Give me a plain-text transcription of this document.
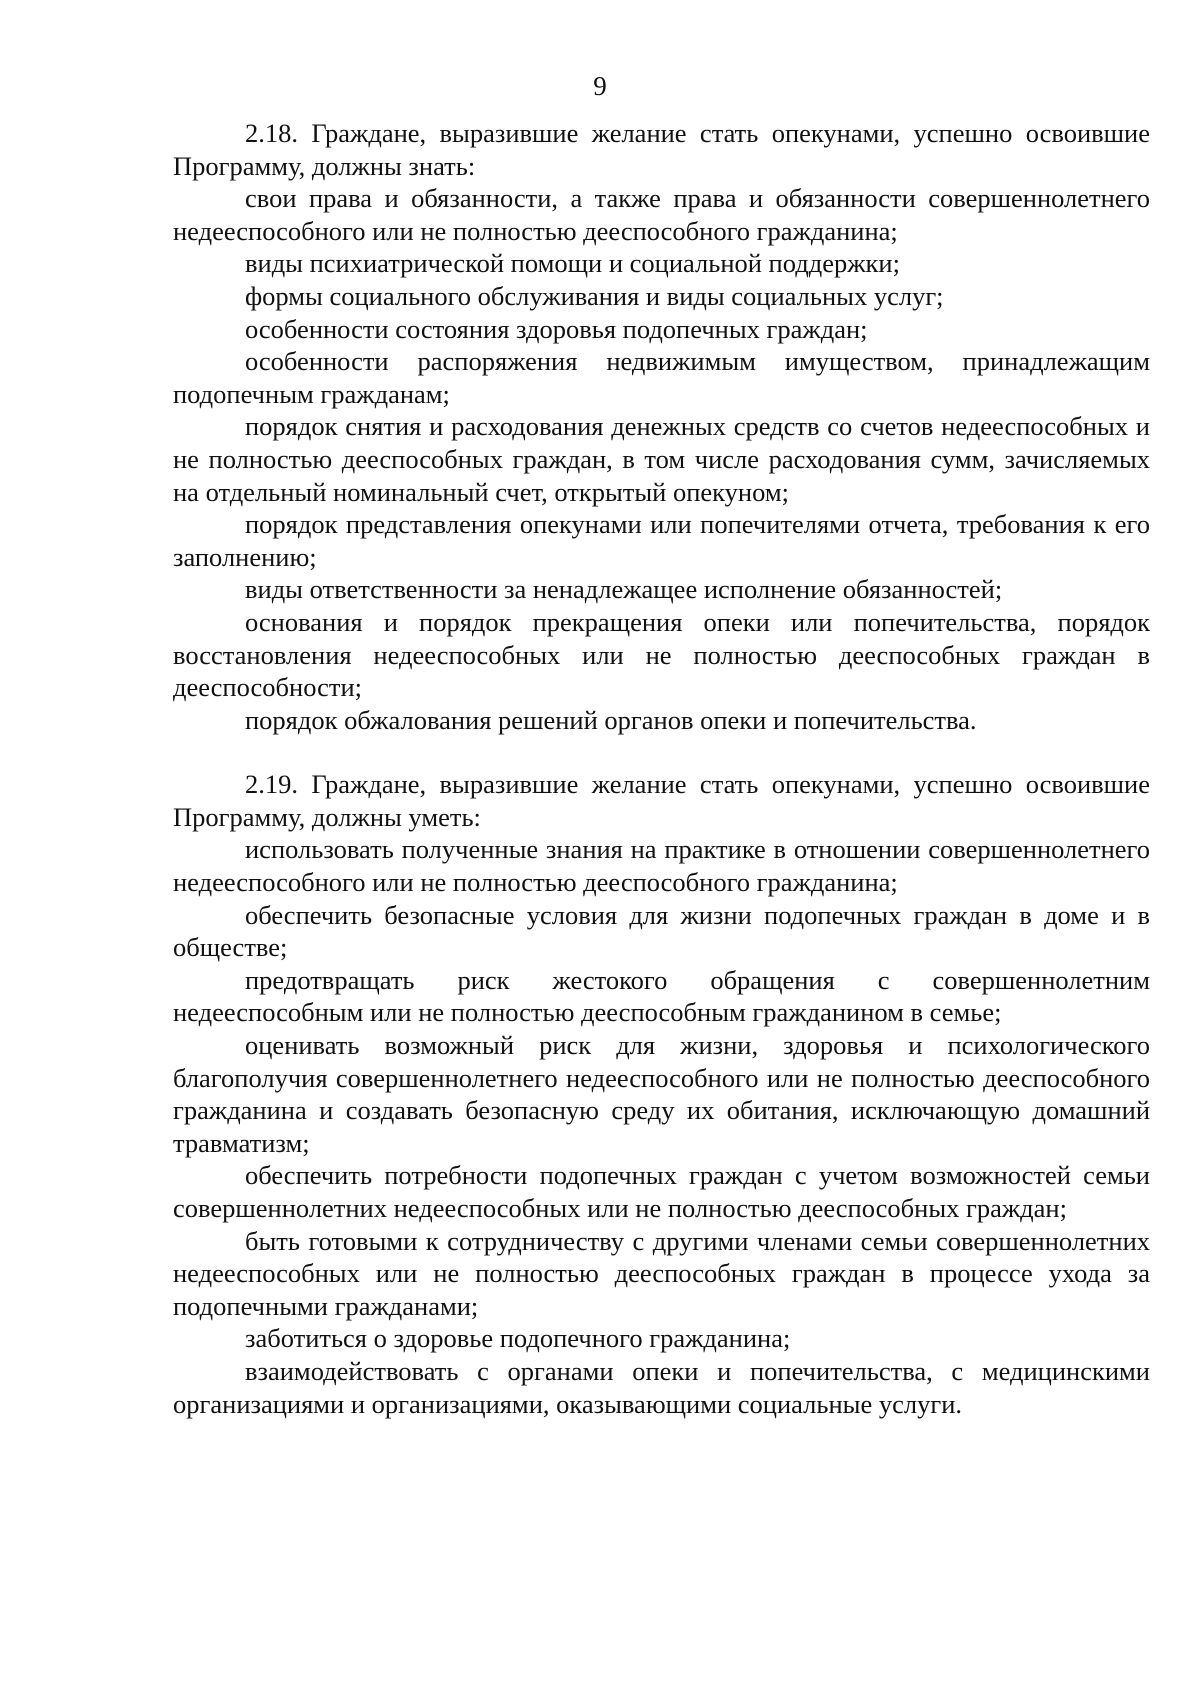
9

2.18. Граждане, выразившие желание стать опекунами, успешно освоившие Программу, должны знать:

свои права и обязанности, а также права и обязанности совершеннолетнего недееспособного или не полностью дееспособного гражданина;

виды психиатрической помощи и социальной поддержки;

формы социального обслуживания и виды социальных услуг;

особенности состояния здоровья подопечных граждан;

особенности распоряжения недвижимым имуществом, принадлежащим подопечным гражданам;

порядок снятия и расходования денежных средств со счетов недееспособных и не полностью дееспособных граждан, в том числе расходования сумм, зачисляемых на отдельный номинальный счет, открытый опекуном;

порядок представления опекунами или попечителями отчета, требования к его заполнению;

виды ответственности за ненадлежащее исполнение обязанностей;

основания и порядок прекращения опеки или попечительства, порядок восстановления недееспособных или не полностью дееспособных граждан в дееспособности;

порядок обжалования решений органов опеки и попечительства.

2.19. Граждане, выразившие желание стать опекунами, успешно освоившие Программу, должны уметь:

использовать полученные знания на практике в отношении совершеннолетнего недееспособного или не полностью дееспособного гражданина;

обеспечить безопасные условия для жизни подопечных граждан в доме и в обществе;

предотвращать риск жестокого обращения с совершеннолетним недееспособным или не полностью дееспособным гражданином в семье;

оценивать возможный риск для жизни, здоровья и психологического благополучия совершеннолетнего недееспособного или не полностью дееспособного гражданина и создавать безопасную среду их обитания, исключающую домашний травматизм;

обеспечить потребности подопечных граждан с учетом возможностей семьи совершеннолетних недееспособных или не полностью дееспособных граждан;

быть готовыми к сотрудничеству с другими членами семьи совершеннолетних недееспособных или не полностью дееспособных граждан в процессе ухода за подопечными гражданами;

заботиться о здоровье подопечного гражданина;

взаимодействовать с органами опеки и попечительства, с медицинскими организациями и организациями, оказывающими социальные услуги.
